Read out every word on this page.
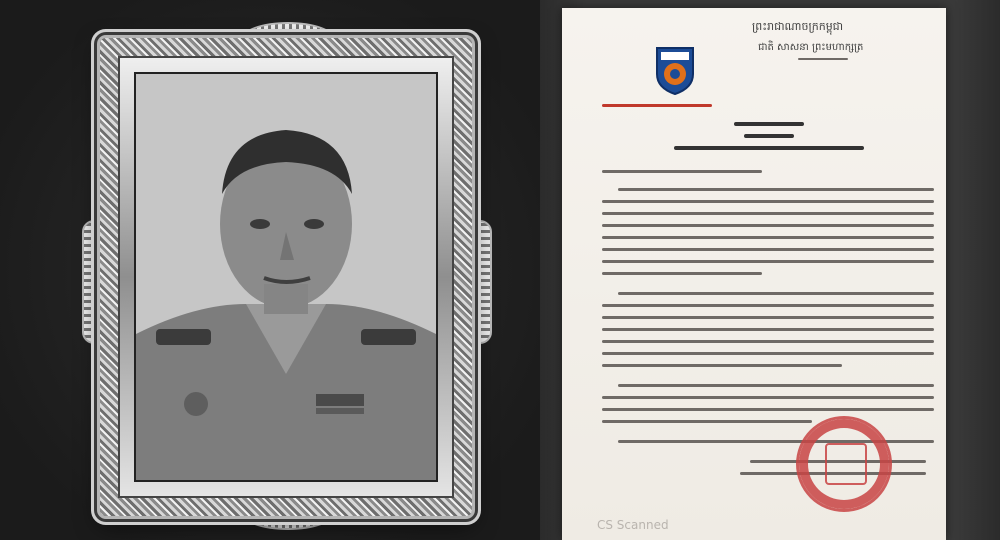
ព្រះរាជាណាចក្រកម្ពុជា
ជាតិ សាសនា ព្រះមហាក្សត្រ
CS Scanned
